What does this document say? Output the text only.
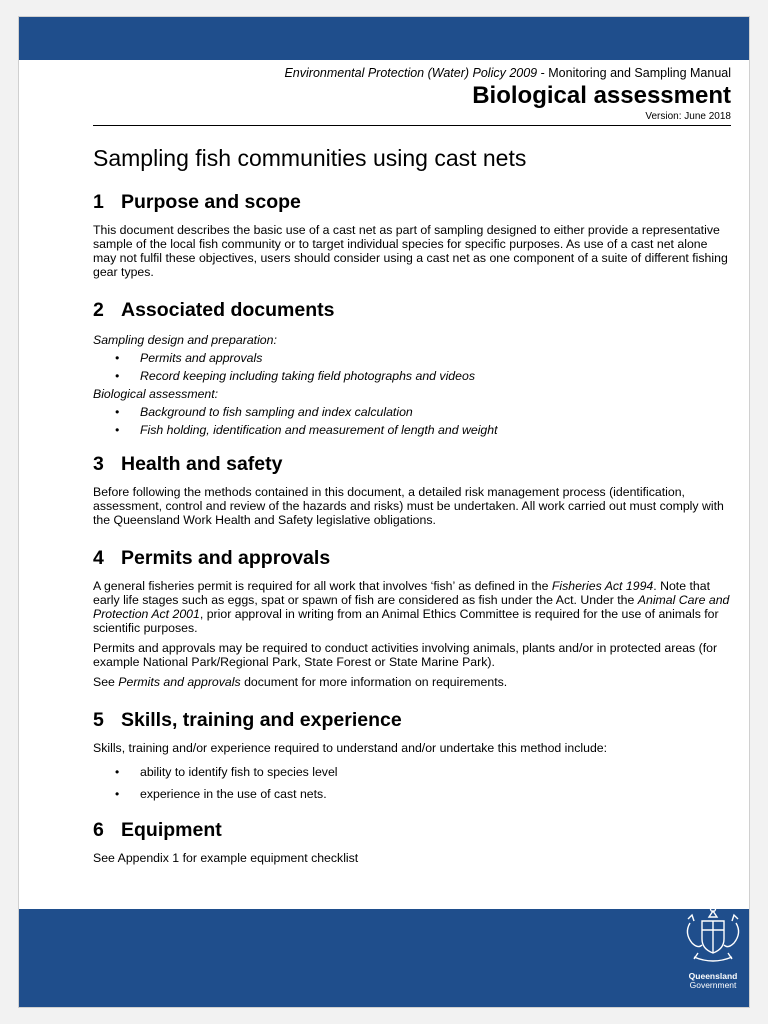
Environmental Protection (Water) Policy 2009 - Monitoring and Sampling Manual
Biological assessment
Version: June 2018
Sampling fish communities using cast nets
1 Purpose and scope

This document describes the basic use of a cast net as part of sampling designed to either provide a representative sample of the local fish community or to target individual species for specific purposes. As use of a cast net alone may not fulfil these objectives, users should consider using a cast net as one component of a suite of different fishing gear types.

2 Associated documents

Sampling design and preparation:

• Permits and approvals
• Record keeping including taking field photographs and videos

Biological assessment:

• Background to fish sampling and index calculation
• Fish holding, identification and measurement of length and weight
3 Health and safety

Before following the methods contained in this document, a detailed risk management process (identification, assessment, control and review of the hazards and risks) must be undertaken. All work carried out must comply with the Queensland Work Health and Safety legislative obligations.

4 Permits and approvals

A general fisheries permit is required for all work that involves ‘fish’ as defined in the Fisheries Act 1994. Note that early life stages such as eggs, spat or spawn of fish are considered as fish under the Act. Under the Animal Care and Protection Act 2001, prior approval in writing from an Animal Ethics Committee is required for the use of animals for scientific purposes.

Permits and approvals may be required to conduct activities involving animals, plants and/or in protected areas (for example National Park/Regional Park, State Forest or State Marine Park).

See Permits and approvals document for more information on requirements.

5 Skills, training and experience

Skills, training and/or experience required to understand and/or undertake this method include:

• ability to identify fish to species level
• experience in the use of cast nets.
6 Equipment

See Appendix 1 for example equipment checklist

Queensland
Government
